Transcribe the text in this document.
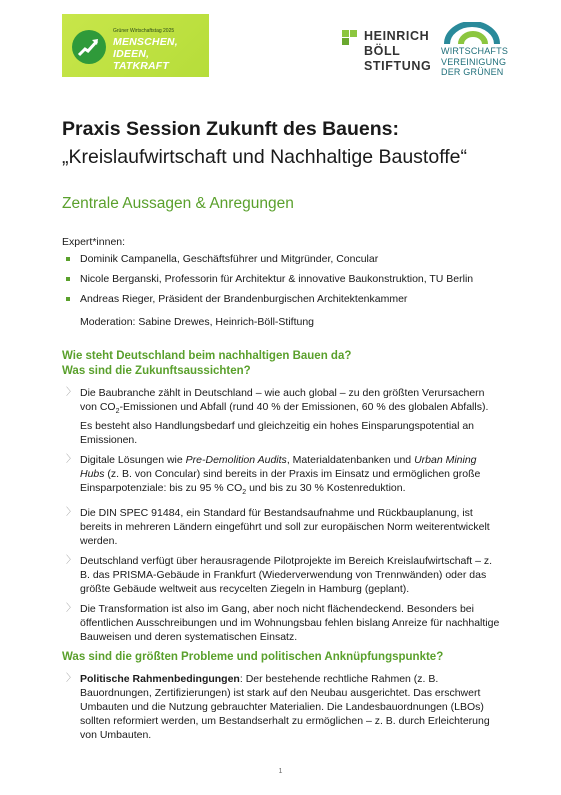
Grüner Wirtschaftstag 2025
MENSCHEN,
IDEEN,
TATKRAFT
HEINRICH
BÖLL
STIFTUNG
WIRTSCHAFTS
VEREINIGUNG
DER GRÜNEN
Praxis Session Zukunft des Bauens:
„Kreislaufwirtschaft und Nachhaltige Baustoffe“
Zentrale Aussagen & Anregungen
Expert*innen:
Dominik Campanella, Geschäftsführer und Mitgründer, Concular
Nicole Berganski, Professorin für Architektur & innovative Baukonstruktion, TU Berlin
Andreas Rieger, Präsident der Brandenburgischen Architektenkammer
Moderation: Sabine Drewes, Heinrich-Böll-Stiftung
Wie steht Deutschland beim nachhaltigen Bauen da?
Was sind die Zukunftsaussichten?
〉 Die Baubranche zählt in Deutschland – wie auch global – zu den größten Verursachern von $CO_2$-Emissionen und Abfall (rund 40 % der Emissionen, 60 % des globalen Abfalls). Es besteht also Handlungsbedarf und gleichzeitig ein hohes Einsparungspotential an Emissionen.
〉 Digitale Lösungen wie Pre-Demolition Audits, Materialdatenbanken und Urban Mining Hubs (z. B. von Concular) sind bereits in der Praxis im Einsatz und ermöglichen große Einsparpotenziale: bis zu 95 % $CO_2$ und bis zu 30 % Kostenreduktion.
〉 Die DIN SPEC 91484, ein Standard für Bestandsaufnahme und Rückbauplanung, ist bereits in mehreren Ländern eingeführt und soll zur europäischen Norm weiterentwickelt werden.
〉 Deutschland verfügt über herausragende Pilotprojekte im Bereich Kreislaufwirtschaft – z. B. das PRISMA-Gebäude in Frankfurt (Wiederverwendung von Trennwänden) oder das größte Gebäude weltweit aus recycelten Ziegeln in Hamburg (geplant).
〉 Die Transformation ist also im Gang, aber noch nicht flächendeckend. Besonders bei öffentlichen Ausschreibungen und im Wohnungsbau fehlen bislang Anreize für nachhaltige Bauweisen und deren systematischen Einsatz.
Was sind die größten Probleme und politischen Anknüpfungspunkte?
〉 Politische Rahmenbedingungen: Der bestehende rechtliche Rahmen (z. B. Bauordnungen, Zertifizierungen) ist stark auf den Neubau ausgerichtet. Das erschwert Umbauten und die Nutzung gebrauchter Materialien. Die Landesbauordnungen (LBOs) sollten reformiert werden, um Bestandserhalt zu ermöglichen – z. B. durch Erleichterung von Umbauten.
1
